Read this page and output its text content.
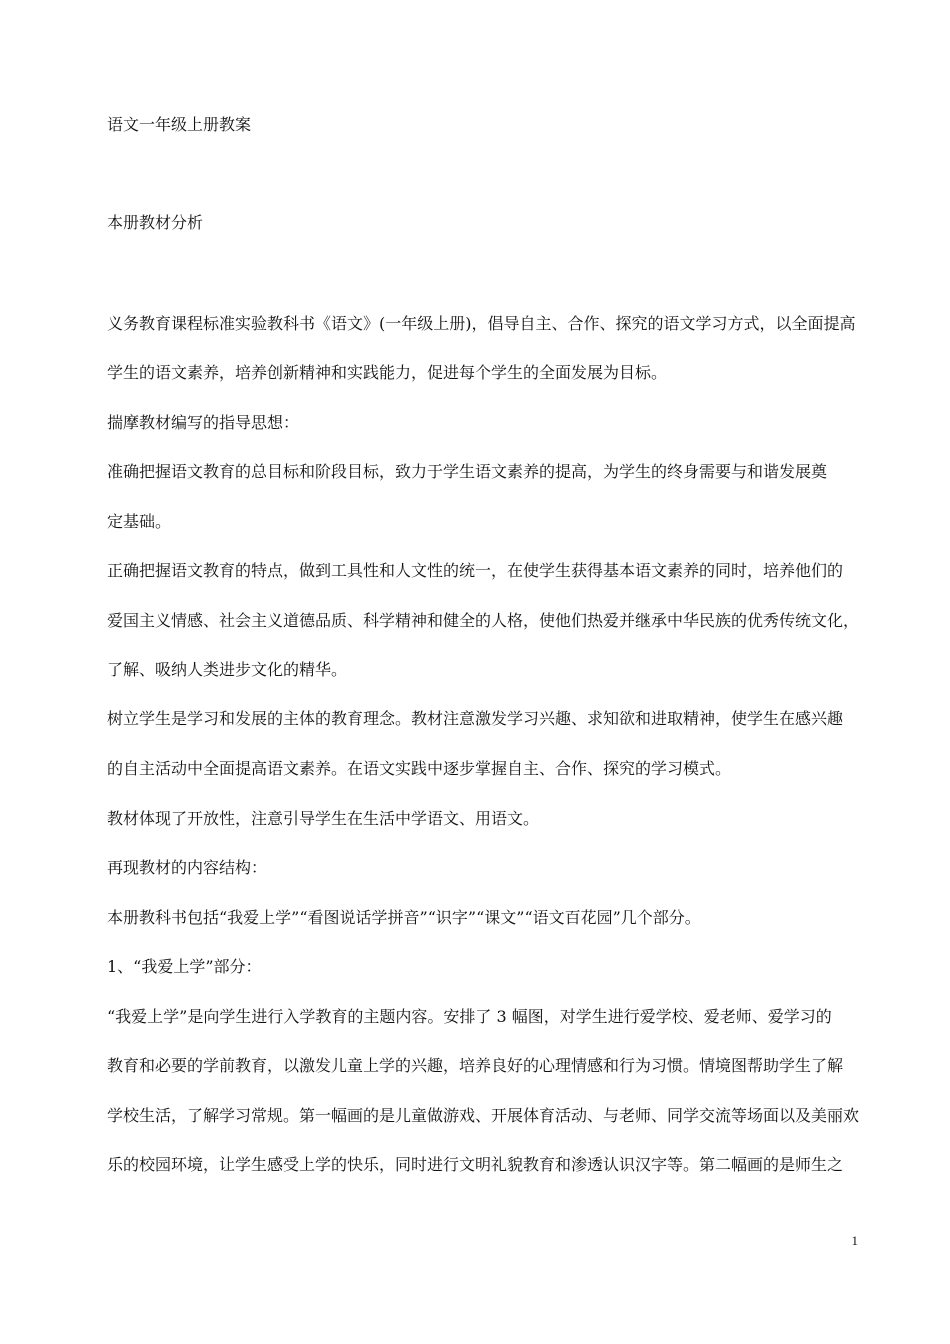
语文一年级上册教案
本册教材分析
义务教育课程标准实验教科书《语文》(一年级上册)，倡导自主、合作、探究的语文学习方式，以全面提高
学生的语文素养，培养创新精神和实践能力，促进每个学生的全面发展为目标。
揣摩教材编写的指导思想：
准确把握语文教育的总目标和阶段目标，致力于学生语文素养的提高，为学生的终身需要与和谐发展奠
定基础。
正确把握语文教育的特点，做到工具性和人文性的统一，在使学生获得基本语文素养的同时，培养他们的
爱国主义情感、社会主义道德品质、科学精神和健全的人格，使他们热爱并继承中华民族的优秀传统文化，
了解、吸纳人类进步文化的精华。
树立学生是学习和发展的主体的教育理念。教材注意激发学习兴趣、求知欲和进取精神，使学生在感兴趣
的自主活动中全面提高语文素养。在语文实践中逐步掌握自主、合作、探究的学习模式。
教材体现了开放性，注意引导学生在生活中学语文、用语文。
再现教材的内容结构：
本册教科书包括“我爱上学”“看图说话学拼音”“识字”“课文”“语文百花园”几个部分。
1、“我爱上学”部分：
“我爱上学”是向学生进行入学教育的主题内容。安排了 3 幅图，对学生进行爱学校、爱老师、爱学习的
教育和必要的学前教育，以激发儿童上学的兴趣，培养良好的心理情感和行为习惯。情境图帮助学生了解
学校生活，了解学习常规。第一幅画的是儿童做游戏、开展体育活动、与老师、同学交流等场面以及美丽欢
乐的校园环境，让学生感受上学的快乐，同时进行文明礼貌教育和渗透认识汉字等。第二幅画的是师生之
1
